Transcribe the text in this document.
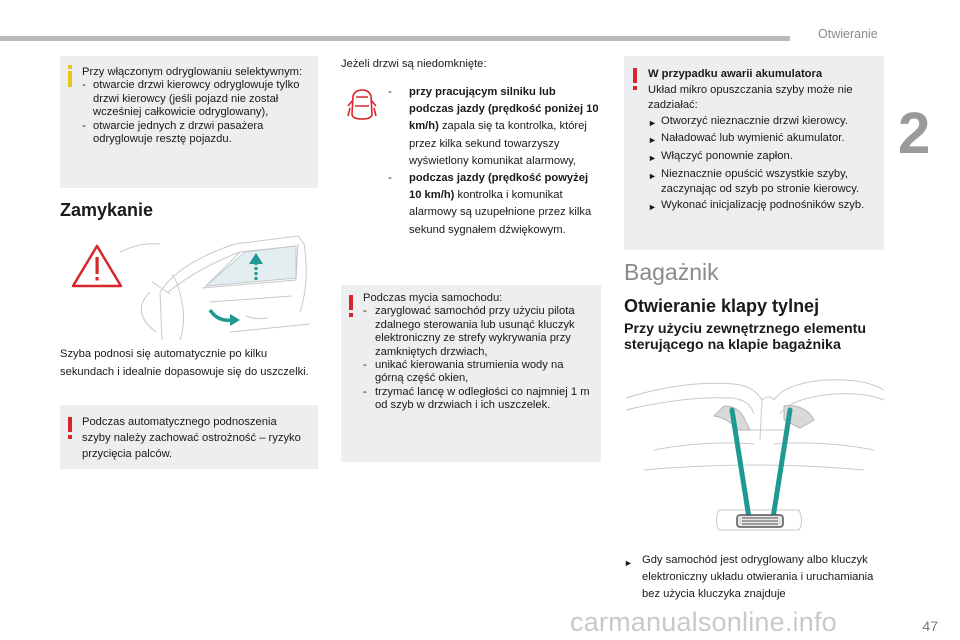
Otwieranie
2
Przy włączonym odryglowaniu selektywnym:
- otwarcie drzwi kierowcy odryglowuje tylko drzwi kierowcy (jeśli pojazd nie został wcześniej całkowicie odryglowany),
- otwarcie jednych z drzwi pasażera odryglowuje resztę pojazdu.
Zamykanie
Szyba podnosi się automatycznie po kilku sekundach i idealnie dopasowuje się do uszczelki.
Podczas automatycznego podnoszenia szyby należy zachować ostrożność – ryzyko przycięcia palców.
Jeżeli drzwi są niedomknięte:
-	przy pracującym silniku lub podczas jazdy (prędkość poniżej 10 km/h) zapala się ta kontrolka, której przez kilka sekund towarzyszy wyświetlony komunikat alarmowy,
-	podczas jazdy (prędkość powyżej 10 km/h) kontrolka i komunikat alarmowy są uzupełnione przez kilka sekund sygnałem dźwiękowym.
Podczas mycia samochodu:
- zaryglować samochód przy użyciu pilota zdalnego sterowania lub usunąć kluczyk elektroniczny ze strefy wykrywania przy zamkniętych drzwiach,
- unikać kierowania strumienia wody na górną część okien,
- trzymać lancę w odległości co najmniej 1 m od szyb w drzwiach i ich uszczelek.
W przypadku awarii akumulatora
Układ mikro opuszczania szyby może nie zadziałać:
► Otworzyć nieznacznie drzwi kierowcy.
► Naładować lub wymienić akumulator.
► Włączyć ponownie zapłon.
► Nieznacznie opuścić wszystkie szyby, zaczynając od szyb po stronie kierowcy.
► Wykonać inicjalizację podnośników szyb.
Bagażnik
Otwieranie klapy tylnej
Przy użyciu zewnętrznego elementu sterującego na klapie bagażnika
► Gdy samochód jest odryglowany albo kluczyk elektroniczny układu otwierania i uruchamiania bez użycia kluczyka znajduje
carmanualsonline.info	47
